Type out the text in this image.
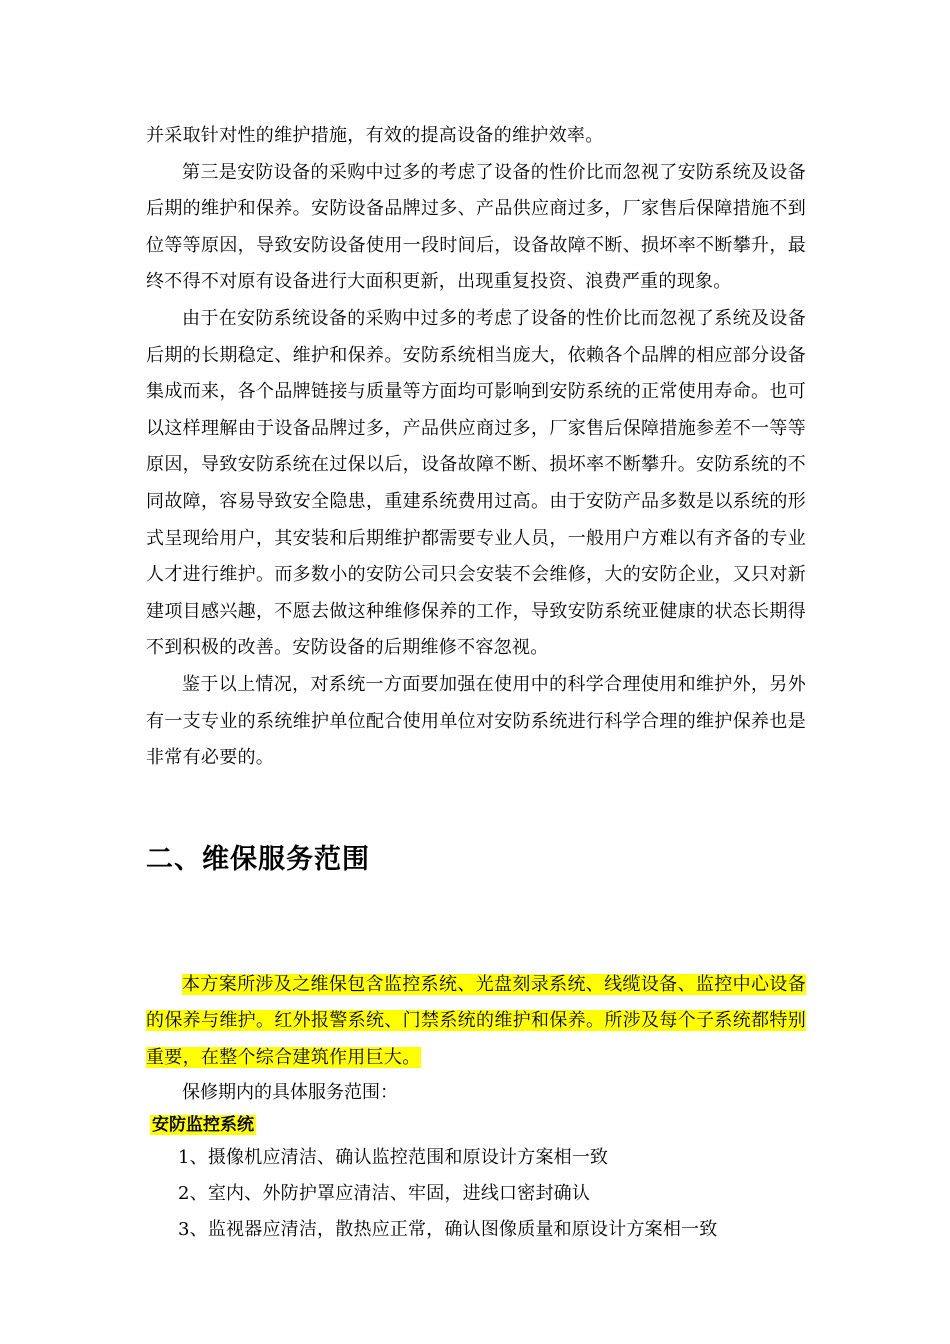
并采取针对性的维护措施，有效的提高设备的维护效率。

第三是安防设备的采购中过多的考虑了设备的性价比而忽视了安防系统及设备后期的维护和保养。安防设备品牌过多、产品供应商过多，厂家售后保障措施不到位等等原因，导致安防设备使用一段时间后，设备故障不断、损坏率不断攀升，最终不得不对原有设备进行大面积更新，出现重复投资、浪费严重的现象。

由于在安防系统设备的采购中过多的考虑了设备的性价比而忽视了系统及设备后期的长期稳定、维护和保养。安防系统相当庞大，依赖各个品牌的相应部分设备集成而来，各个品牌链接与质量等方面均可影响到安防系统的正常使用寿命。也可以这样理解由于设备品牌过多，产品供应商过多，厂家售后保障措施参差不一等等原因，导致安防系统在过保以后，设备故障不断、损坏率不断攀升。安防系统的不同故障，容易导致安全隐患，重建系统费用过高。由于安防产品多数是以系统的形式呈现给用户，其安装和后期维护都需要专业人员，一般用户方难以有齐备的专业人才进行维护。而多数小的安防公司只会安装不会维修，大的安防企业，又只对新建项目感兴趣，不愿去做这种维修保养的工作，导致安防系统亚健康的状态长期得不到积极的改善。安防设备的后期维修不容忽视。

鉴于以上情况，对系统一方面要加强在使用中的科学合理使用和维护外，另外有一支专业的系统维护单位配合使用单位对安防系统进行科学合理的维护保养也是非常有必要的。

二、维保服务范围

本方案所涉及之维保包含监控系统、光盘刻录系统、线缆设备、监控中心设备的保养与维护。红外报警系统、门禁系统的维护和保养。所涉及每个子系统都特别重要，在整个综合建筑作用巨大。

保修期内的具体服务范围：

安防监控系统

1、摄像机应清洁、确认监控范围和原设计方案相一致

2、室内、外防护罩应清洁、牢固，进线口密封确认

3、监视器应清洁，散热应正常，确认图像质量和原设计方案相一致
